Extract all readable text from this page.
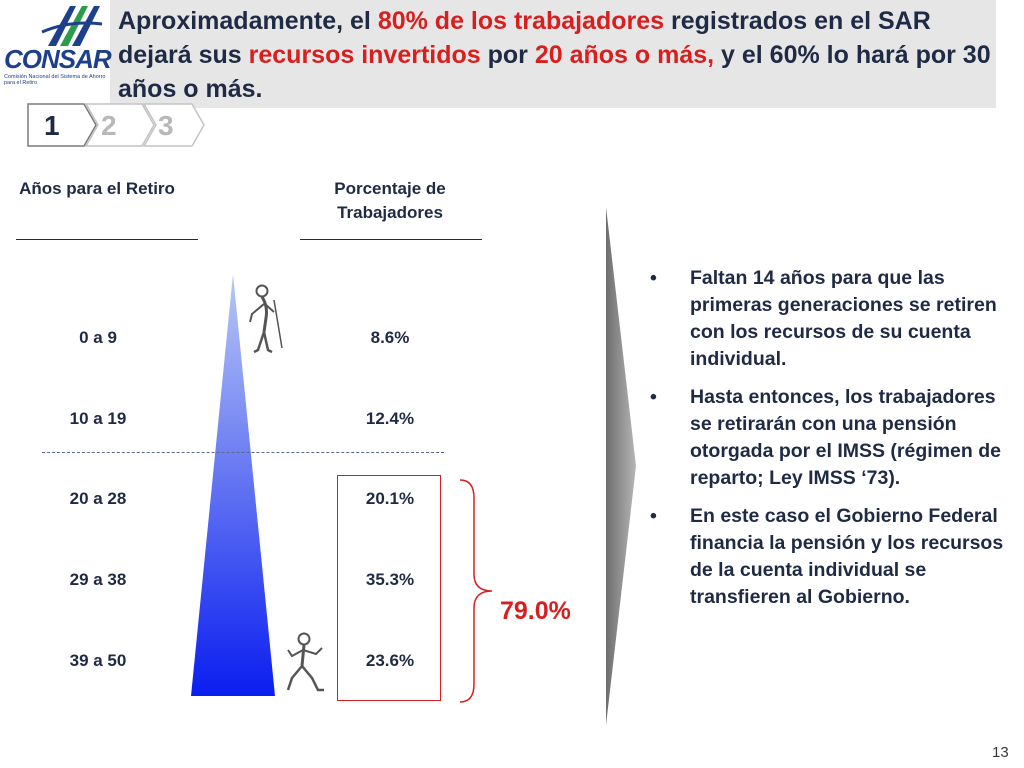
CONSAR
Comisión Nacional del Sistema de Ahorro para el Retiro
Aproximadamente, el 80% de los trabajadores registrados en el SAR dejará sus recursos invertidos por 20 años o más, y el 60% lo hará por 30 años o más.
1 2 3
Años para el Retiro	Porcentaje de Trabajadores
0 a 9	8.6%
10 a 19	12.4%
20 a 28	20.1%
29 a 38	35.3%
39 a 50	23.6%
79.0%
• Faltan 14 años para que las primeras generaciones se retiren con los recursos de su cuenta individual.
• Hasta entonces, los trabajadores se retirarán con una pensión otorgada por el IMSS (régimen de reparto; Ley IMSS ‘73).
• En este caso el Gobierno Federal financia la pensión y los recursos de la cuenta individual se transfieren al Gobierno.
13
